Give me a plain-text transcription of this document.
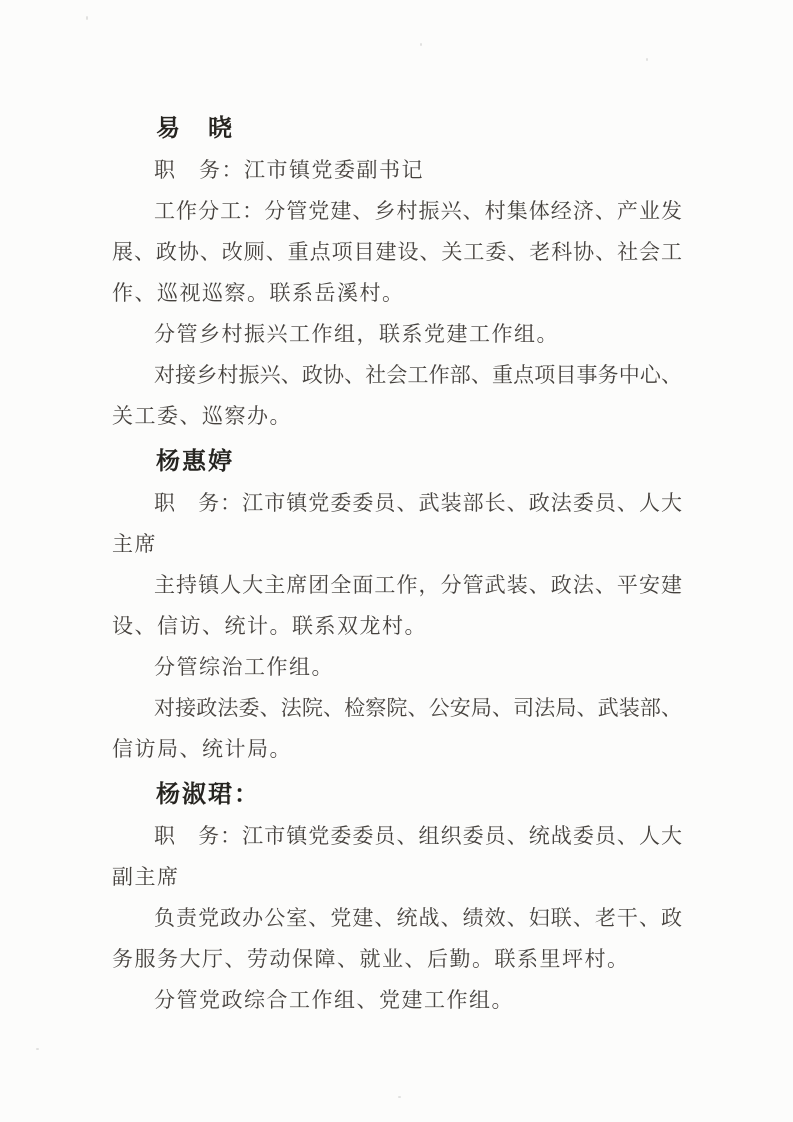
易　晓
职　务：江市镇党委副书记
工作分工：分管党建、乡村振兴、村集体经济、产业发
展、政协、改厕、重点项目建设、关工委、老科协、社会工
作、巡视巡察。联系岳溪村。
分管乡村振兴工作组，联系党建工作组。
对接乡村振兴、政协、社会工作部、重点项目事务中心、
关工委、巡察办。
杨惠婷
职　务：江市镇党委委员、武装部长、政法委员、人大
主席
主持镇人大主席团全面工作，分管武装、政法、平安建
设、信访、统计。联系双龙村。
分管综治工作组。
对接政法委、法院、检察院、公安局、司法局、武装部、
信访局、统计局。
杨淑珺：
职　务：江市镇党委委员、组织委员、统战委员、人大
副主席
负责党政办公室、党建、统战、绩效、妇联、老干、政
务服务大厅、劳动保障、就业、后勤。联系里坪村。
分管党政综合工作组、党建工作组。
